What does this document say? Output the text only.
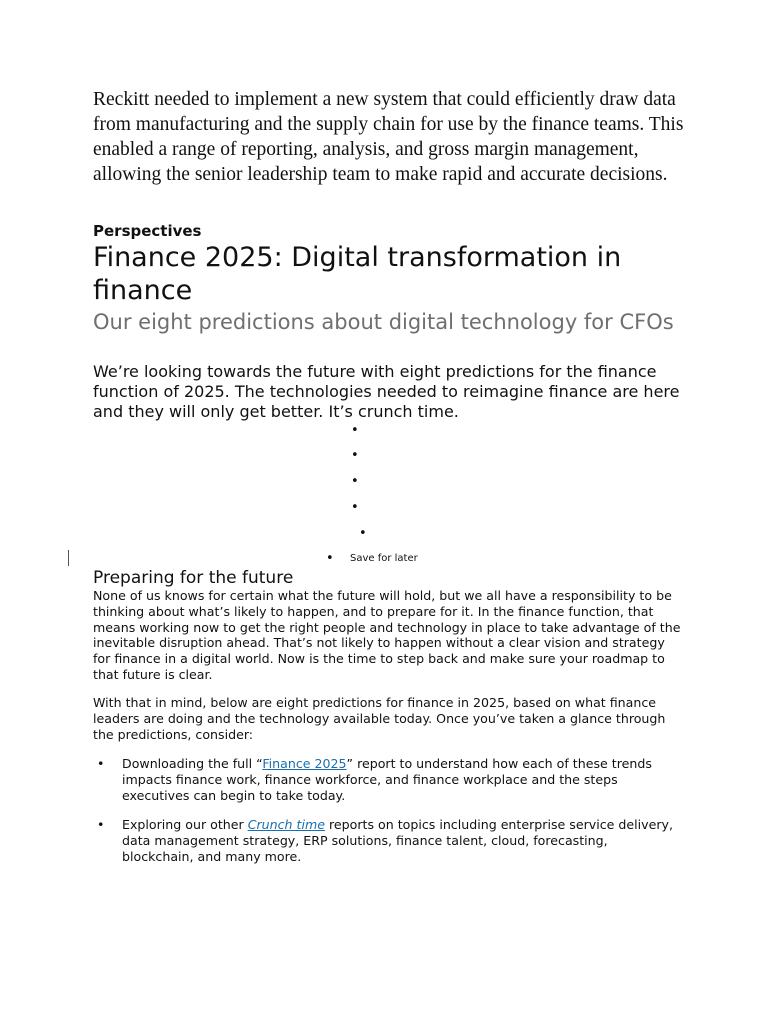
Reckitt needed to implement a new system that could efficiently draw data from manufacturing and the supply chain for use by the finance teams. This enabled a range of reporting, analysis, and gross margin management, allowing the senior leadership team to make rapid and accurate decisions.

Perspectives

Finance 2025: Digital transformation in finance
Our eight predictions about digital technology for CFOs

We’re looking towards the future with eight predictions for the finance function of 2025. The technologies needed to reimagine finance are here and they will only get better. It’s crunch time.

•
•
•
•
•
• Save for later
Preparing for the future

None of us knows for certain what the future will hold, but we all have a responsibility to be thinking about what’s likely to happen, and to prepare for it. In the finance function, that means working now to get the right people and technology in place to take advantage of the inevitable disruption ahead. That’s not likely to happen without a clear vision and strategy for finance in a digital world. Now is the time to step back and make sure your roadmap to that future is clear.

With that in mind, below are eight predictions for finance in 2025, based on what finance leaders are doing and the technology available today. Once you’ve taken a glance through the predictions, consider:

• Downloading the full “Finance 2025” report to understand how each of these trends impacts finance work, finance workforce, and finance workplace and the steps executives can begin to take today.
• Exploring our other Crunch time reports on topics including enterprise service delivery, data management strategy, ERP solutions, finance talent, cloud, forecasting, blockchain, and many more.
